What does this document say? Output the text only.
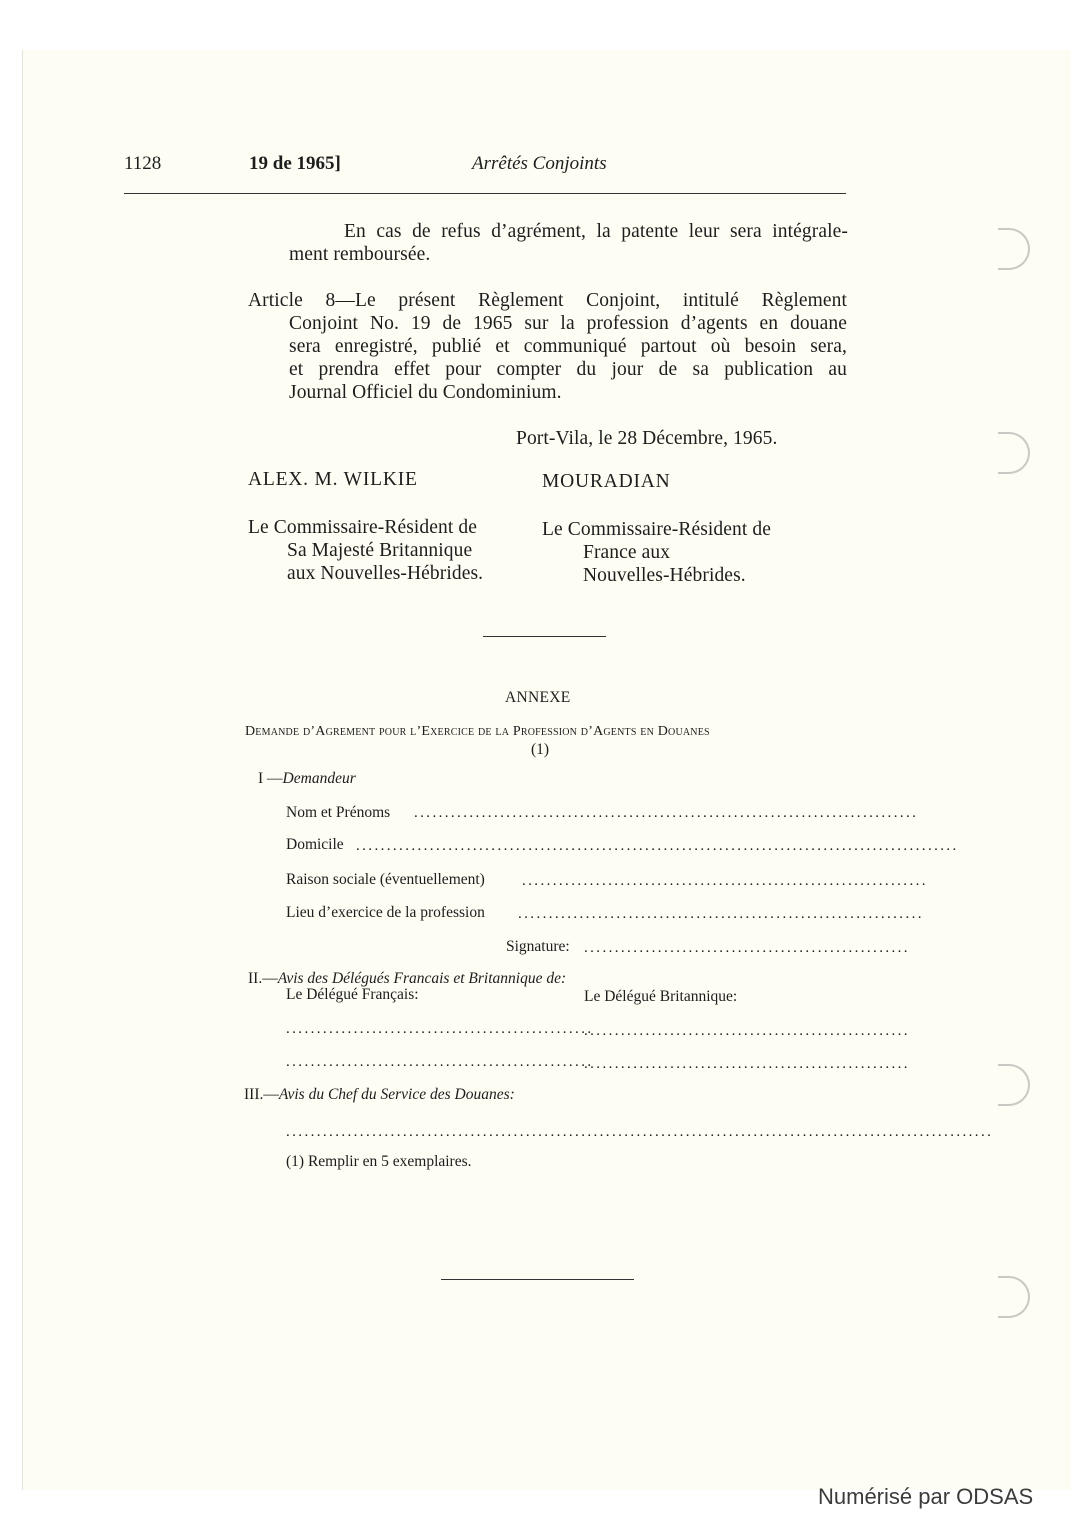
1128	19 de 1965]	Arrêtés Conjoints
En cas de refus d’agrément, la patente leur sera intégrale-
ment remboursée.
Article 8—Le présent Règlement Conjoint, intitulé Règlement
Conjoint No. 19 de 1965 sur la profession d’agents en douane
sera enregistré, publié et communiqué partout où besoin sera,
et prendra effet pour compter du jour de sa publication au
Journal Officiel du Condominium.
Port-Vila, le 28 Décembre, 1965.
ALEX. M. WILKIE	MOURADIAN
Le Commissaire-Résident de
Sa Majesté Britannique
aux Nouvelles-Hébrides.
Le Commissaire-Résident de
France aux
Nouvelles-Hébrides.
ANNEXE
Demande d’Agrement pour l’Exercice de la Profession d’Agents en Douanes
(1)
I —Demandeur
Nom et Prénoms ..................................................................................
Domicile ..................................................................................................
Raison sociale (éventuellement) ..................................................................
Lieu d’exercice de la profession ..................................................................
Signature: .....................................................
II.—Avis des Délégués Francais et Britannique de:
Le Délégué Français:	Le Délégué Britannique:
..................................................
.....................................................
..................................................
.....................................................
III.—Avis du Chef du Service des Douanes:
...................................................................................................................
(1) Remplir en 5 exemplaires.
Numérisé par ODSAS
